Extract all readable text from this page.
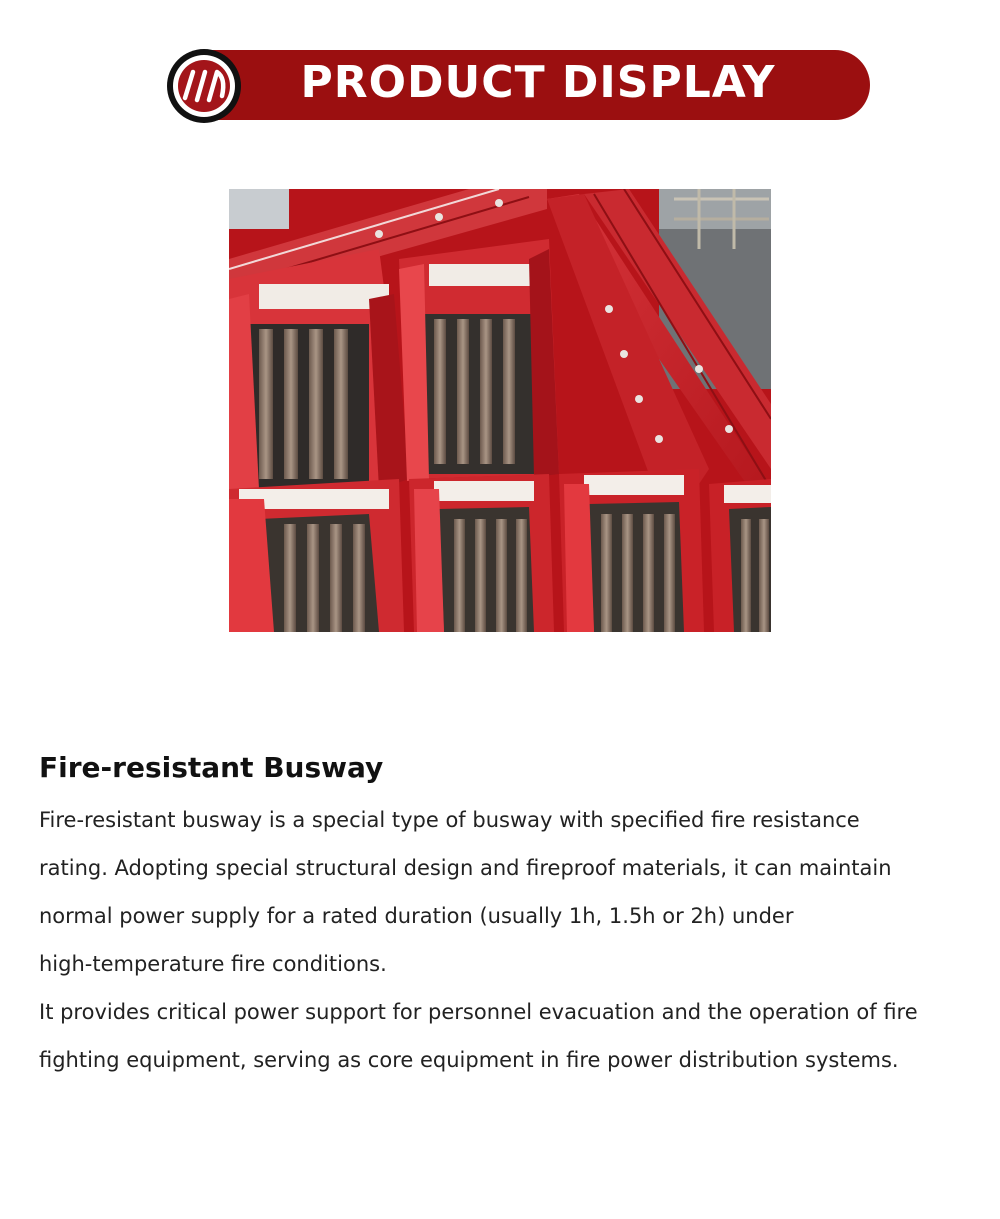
PRODUCT DISPLAY
Fire-resistant Busway
Fire-resistant busway is a special type of busway with specified fire resistance
rating. Adopting special structural design and fireproof materials, it can maintain
normal power supply for a rated duration (usually 1h, 1.5h or 2h) under
high-temperature fire conditions.
It provides critical power support for personnel evacuation and the operation of fire
fighting equipment, serving as core equipment in fire power distribution systems.
